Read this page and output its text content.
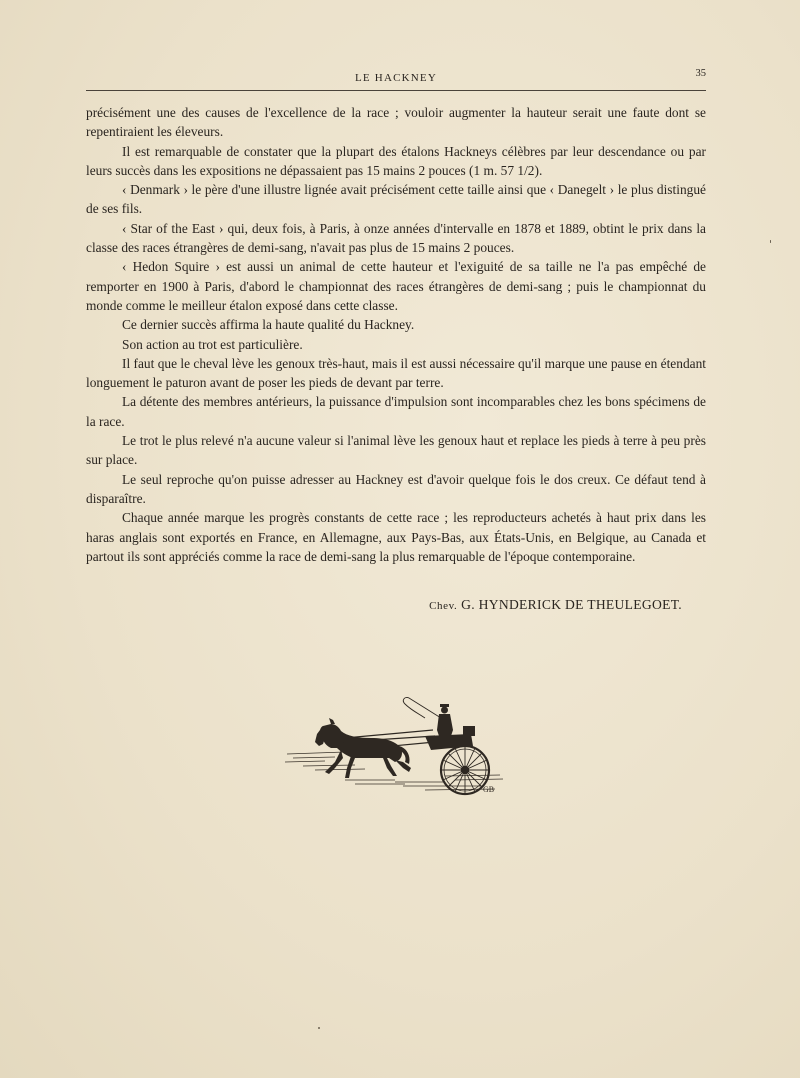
LE HACKNEY	35

précisément une des causes de l'excellence de la race ; vouloir augmenter la hauteur serait une faute dont se repentiraient les éleveurs.

Il est remarquable de constater que la plupart des étalons Hackneys célèbres par leur descendance ou par leurs succès dans les expositions ne dépassaient pas 15 mains 2 pouces (1 m. 57 1/2).

‹ Denmark › le père d'une illustre lignée avait précisément cette taille ainsi que ‹ Danegelt › le plus distingué de ses fils.

‹ Star of the East › qui, deux fois, à Paris, à onze années d'intervalle en 1878 et 1889, obtint le prix dans la classe des races étrangères de demi-sang, n'avait pas plus de 15 mains 2 pouces.

‹ Hedon Squire › est aussi un animal de cette hauteur et l'exiguité de sa taille ne l'a pas empêché de remporter en 1900 à Paris, d'abord le championnat des races étrangères de demi-sang ; puis le championnat du monde comme le meilleur étalon exposé dans cette classe.

Ce dernier succès affirma la haute qualité du Hackney.

Son action au trot est particulière.

Il faut que le cheval lève les genoux très-haut, mais il est aussi nécessaire qu'il marque une pause en étendant longuement le paturon avant de poser les pieds de devant par terre.

La détente des membres antérieurs, la puissance d'impulsion sont incomparables chez les bons spécimens de la race.

Le trot le plus relevé n'a aucune valeur si l'animal lève les genoux haut et replace les pieds à terre à peu près sur place.

Le seul reproche qu'on puisse adresser au Hackney est d'avoir quelque fois le dos creux. Ce défaut tend à disparaître.

Chaque année marque les progrès constants de cette race ; les reproducteurs achetés à haut prix dans les haras anglais sont exportés en France, en Allemagne, aux Pays-Bas, aux États-Unis, en Belgique, au Canada et partout ils sont appréciés comme la race de demi-sang la plus remarquable de l'époque contemporaine.

Chev. G. HYNDERICK DE THEULEGOET.
GB
